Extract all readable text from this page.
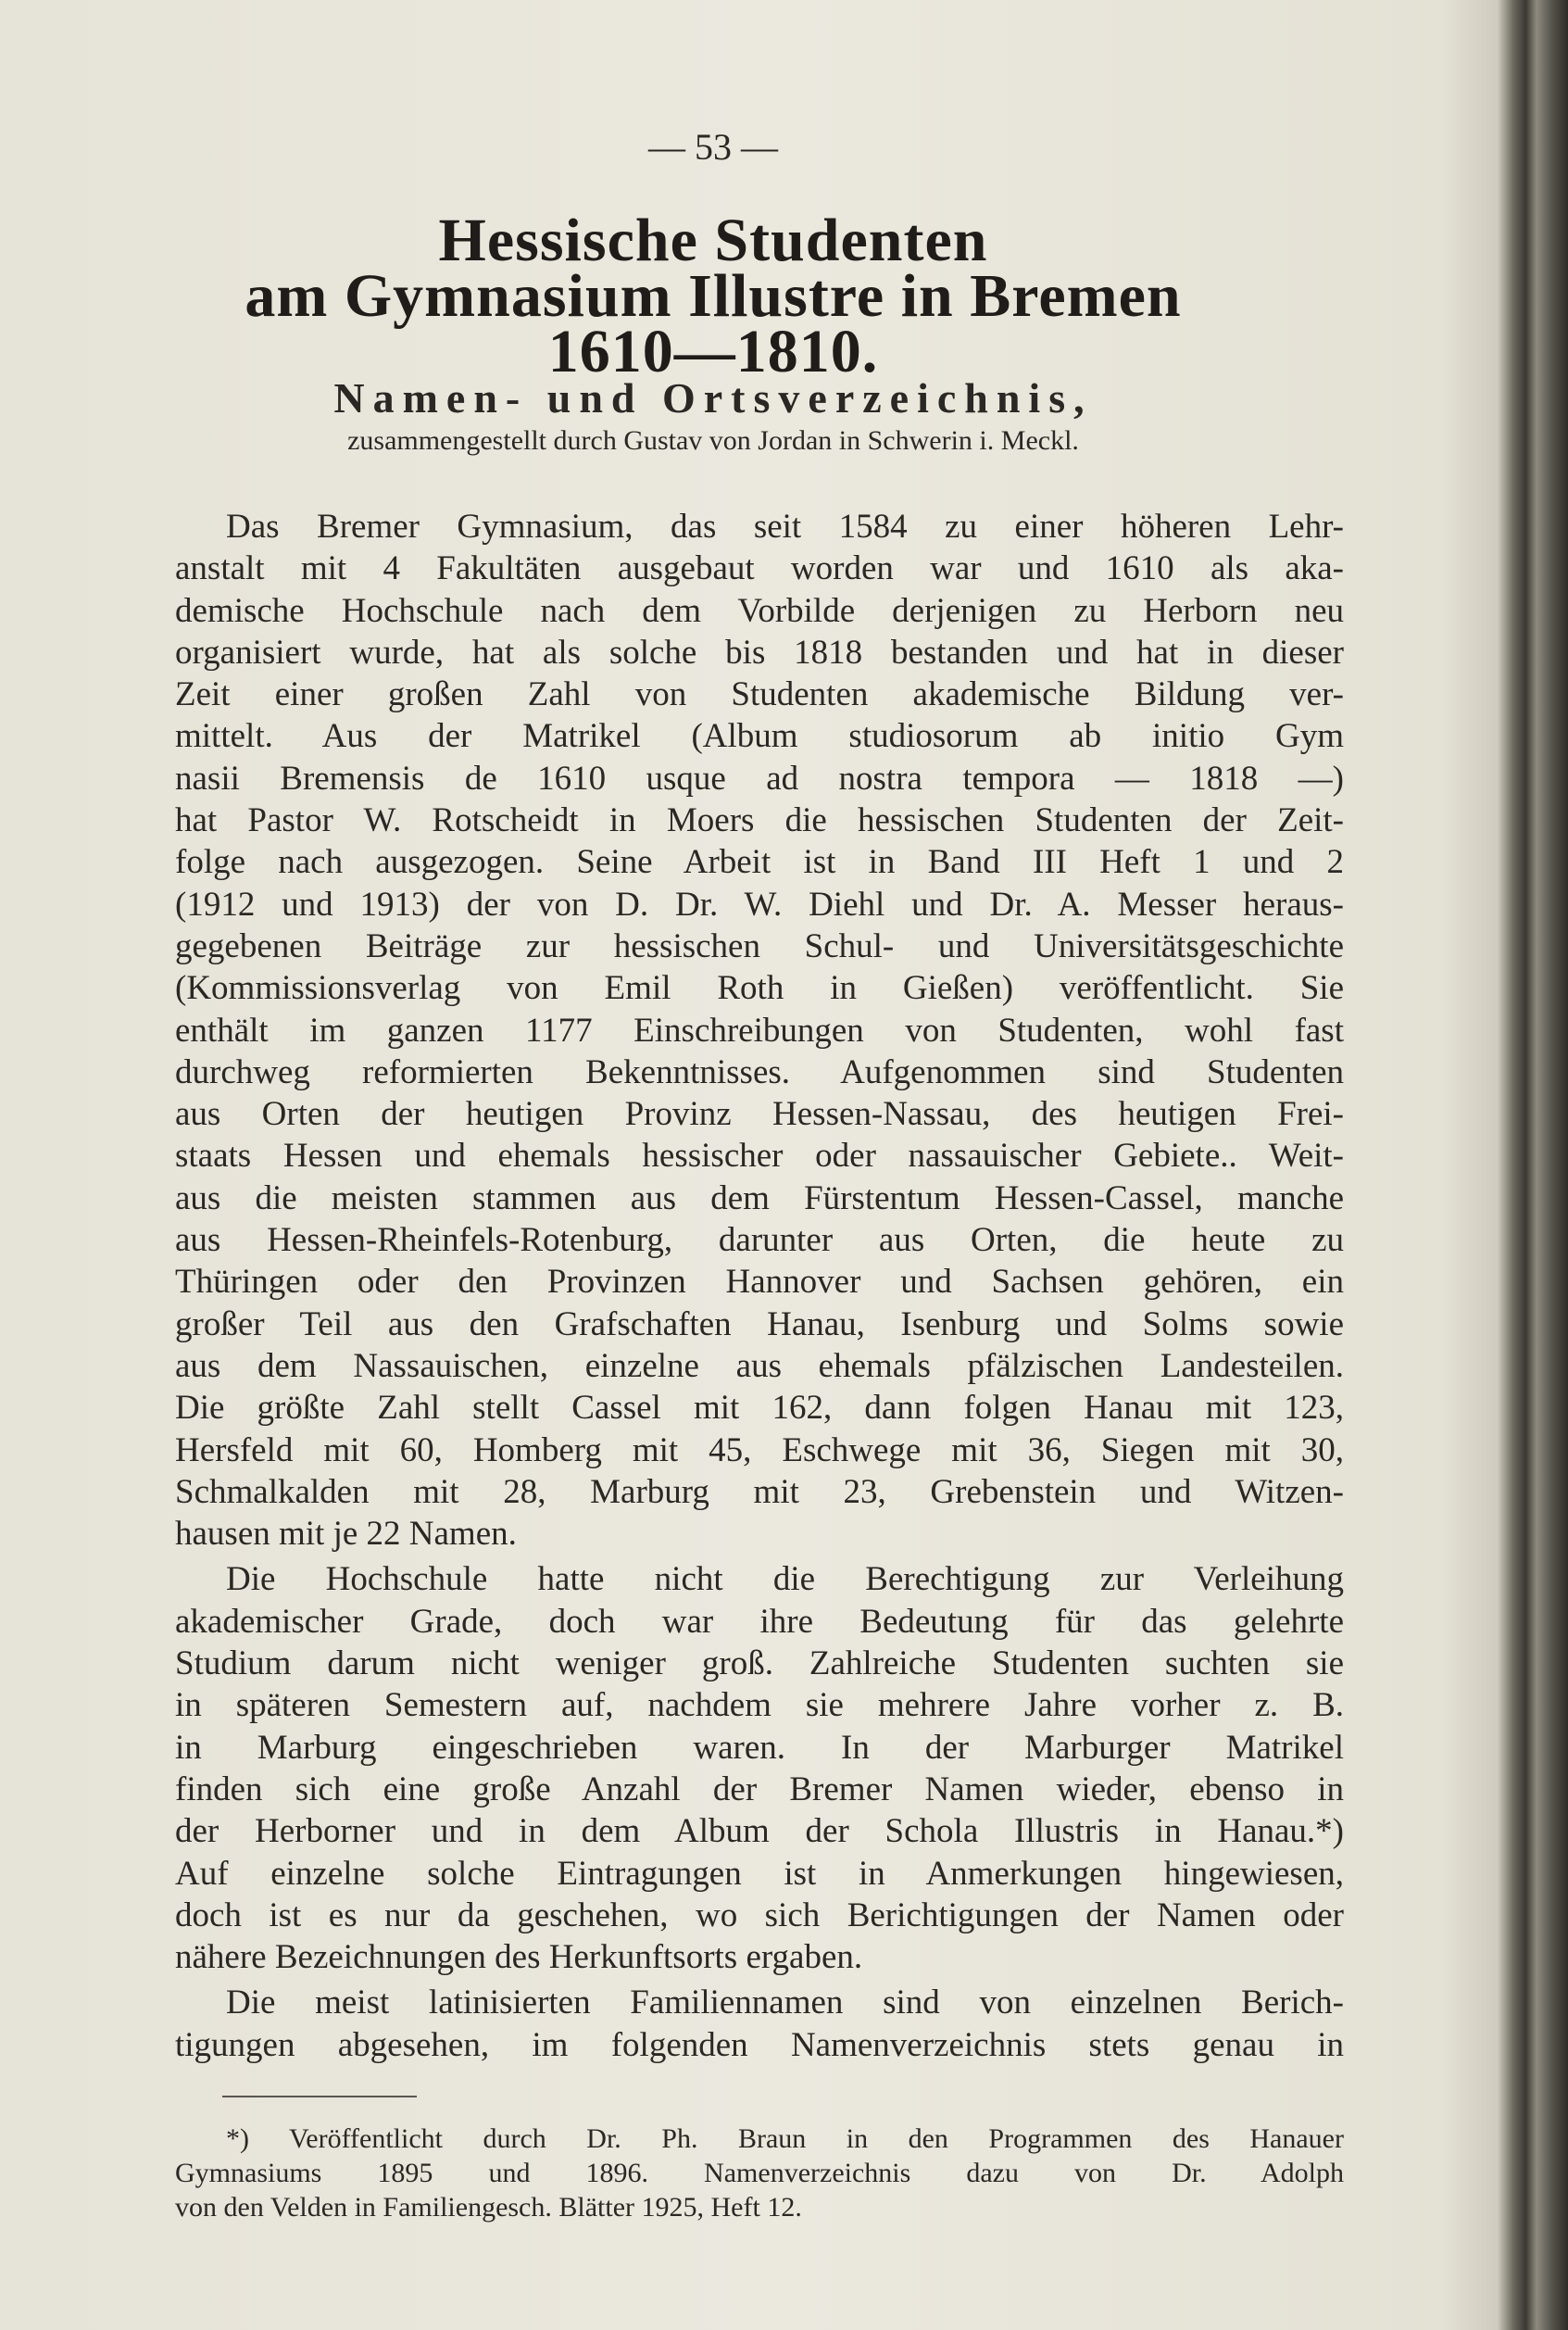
— 53 —
Hessische Studenten
am Gymnasium Illustre in Bremen
1610—1810.
Namen- und Ortsverzeichnis,
zusammengestellt durch Gustav von Jordan in Schwerin i. Meckl.
Das Bremer Gymnasium, das seit 1584 zu einer höheren Lehr-
anstalt mit 4 Fakultäten ausgebaut worden war und 1610 als aka-
demische Hochschule nach dem Vorbilde derjenigen zu Herborn neu
organisiert wurde, hat als solche bis 1818 bestanden und hat in dieser
Zeit einer großen Zahl von Studenten akademische Bildung ver-
mittelt. Aus der Matrikel (Album studiosorum ab initio Gym
nasii Bremensis de 1610 usque ad nostra tempora — 1818 —)
hat Pastor W. Rotscheidt in Moers die hessischen Studenten der Zeit-
folge nach ausgezogen. Seine Arbeit ist in Band III Heft 1 und 2
(1912 und 1913) der von D. Dr. W. Diehl und Dr. A. Messer heraus-
gegebenen Beiträge zur hessischen Schul- und Universitätsgeschichte
(Kommissionsverlag von Emil Roth in Gießen) veröffentlicht. Sie
enthält im ganzen 1177 Einschreibungen von Studenten, wohl fast
durchweg reformierten Bekenntnisses. Aufgenommen sind Studenten
aus Orten der heutigen Provinz Hessen-Nassau, des heutigen Frei-
staats Hessen und ehemals hessischer oder nassauischer Gebiete.. Weit-
aus die meisten stammen aus dem Fürstentum Hessen-Cassel, manche
aus Hessen-Rheinfels-Rotenburg, darunter aus Orten, die heute zu
Thüringen oder den Provinzen Hannover und Sachsen gehören, ein
großer Teil aus den Grafschaften Hanau, Isenburg und Solms sowie
aus dem Nassauischen, einzelne aus ehemals pfälzischen Landesteilen.
Die größte Zahl stellt Cassel mit 162, dann folgen Hanau mit 123,
Hersfeld mit 60, Homberg mit 45, Eschwege mit 36, Siegen mit 30,
Schmalkalden mit 28, Marburg mit 23, Grebenstein und Witzen-
hausen mit je 22 Namen.
Die Hochschule hatte nicht die Berechtigung zur Verleihung
akademischer Grade, doch war ihre Bedeutung für das gelehrte
Studium darum nicht weniger groß. Zahlreiche Studenten suchten sie
in späteren Semestern auf, nachdem sie mehrere Jahre vorher z. B.
in Marburg eingeschrieben waren. In der Marburger Matrikel
finden sich eine große Anzahl der Bremer Namen wieder, ebenso in
der Herborner und in dem Album der Schola Illustris in Hanau.*)
Auf einzelne solche Eintragungen ist in Anmerkungen hingewiesen,
doch ist es nur da geschehen, wo sich Berichtigungen der Namen oder
nähere Bezeichnungen des Herkunftsorts ergaben.
Die meist latinisierten Familiennamen sind von einzelnen Berich-
tigungen abgesehen, im folgenden Namenverzeichnis stets genau in
*) Veröffentlicht durch Dr. Ph. Braun in den Programmen des Hanauer
Gymnasiums 1895 und 1896. Namenverzeichnis dazu von Dr. Adolph
von den Velden in Familiengesch. Blätter 1925, Heft 12.
